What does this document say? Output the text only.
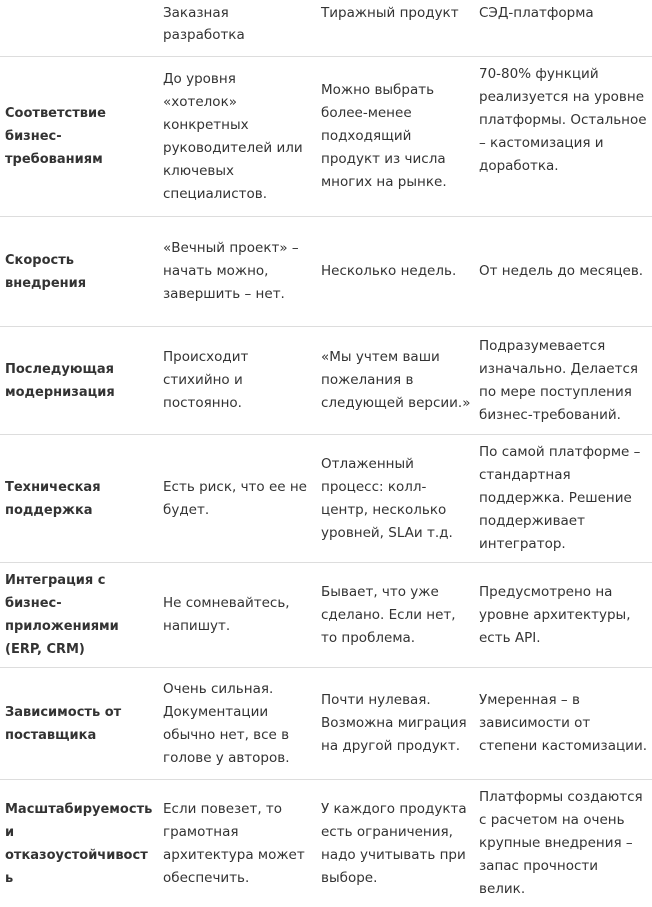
	Заказная разработка	Тиражный продукт	СЭД-платформа
Соответствие бизнес-требованиям	До уровня «хотелок» конкретных руководителей или ключевых специалистов.	Можно выбрать более-менее подходящий продукт из числа многих на рынке.	70-80% функций реализуется на уровне платформы. Остальное – кастомизация и доработка.
Скорость внедрения	«Вечный проект» – начать можно, завершить – нет.	Несколько недель.	От недель до месяцев.
Последующая модернизация	Происходит стихийно и постоянно.	«Мы учтем ваши пожелания в следующей версии.»	Подразумевается изначально. Делается по мере поступления бизнес-требований.
Техническая поддержка	Есть риск, что ее не будет.	Отлаженный процесс: колл-центр, несколько уровней, SLAи т.д.	По самой платформе – стандартная поддержка. Решение поддерживает интегратор.
Интеграция с бизнес-приложениями (ERP, CRM)	Не сомневайтесь, напишут.	Бывает, что уже сделано. Если нет, то проблема.	Предусмотрено на уровне архитектуры, есть API.
Зависимость от поставщика	Очень сильная. Документации обычно нет, все в голове у авторов.	Почти нулевая. Возможна миграция на другой продукт.	Умеренная – в зависимости от степени кастомизации.
Масштабируемость и отказоустойчивость	Если повезет, то грамотная архитектура может обеспечить.	У каждого продукта есть ограничения, надо учитывать при выборе.	Платформы создаются с расчетом на очень крупные внедрения – запас прочности велик.
